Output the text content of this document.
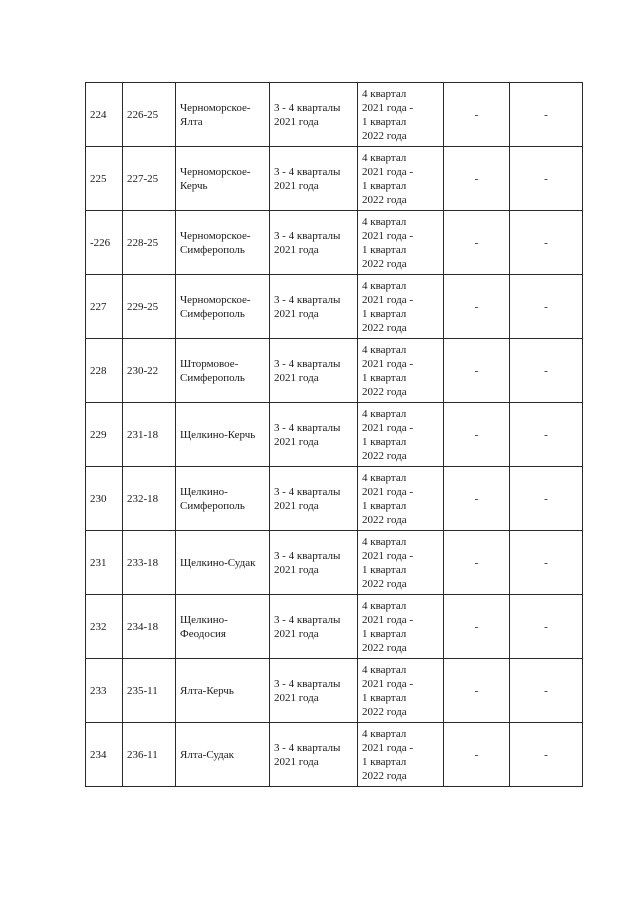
224	226-25	Черноморское-
Ялта	3 - 4 кварталы
2021 года	4 квартал
2021 года -
1 квартал
2022 года	-	-

225	227-25	Черноморское-
Керчь	3 - 4 кварталы
2021 года	4 квартал
2021 года -
1 квартал
2022 года	-	-

-226	228-25	Черноморское-
Симферополь	3 - 4 кварталы
2021 года	4 квартал
2021 года -
1 квартал
2022 года	-	-

227	229-25	Черноморское-
Симферополь	3 - 4 кварталы
2021 года	4 квартал
2021 года -
1 квартал
2022 года	-	-

228	230-22	Штормовое-
Симферополь	3 - 4 кварталы
2021 года	4 квартал
2021 года -
1 квартал
2022 года	-	-

229	231-18	Щелкино-Керчь	3 - 4 кварталы
2021 года	4 квартал
2021 года -
1 квартал
2022 года	-	-

230	232-18	Щелкино-
Симферополь	3 - 4 кварталы
2021 года	4 квартал
2021 года -
1 квартал
2022 года	-	-

231	233-18	Щелкино-Судак	3 - 4 кварталы
2021 года	4 квартал
2021 года -
1 квартал
2022 года	-	-

232	234-18	Щелкино-
Феодосия	3 - 4 кварталы
2021 года	4 квартал
2021 года -
1 квартал
2022 года	-	-

233	235-11	Ялта-Керчь	3 - 4 кварталы
2021 года	4 квартал
2021 года -
1 квартал
2022 года	-	-

234	236-11	Ялта-Судак	3 - 4 кварталы
2021 года	4 квартал
2021 года -
1 квартал
2022 года	-	-
